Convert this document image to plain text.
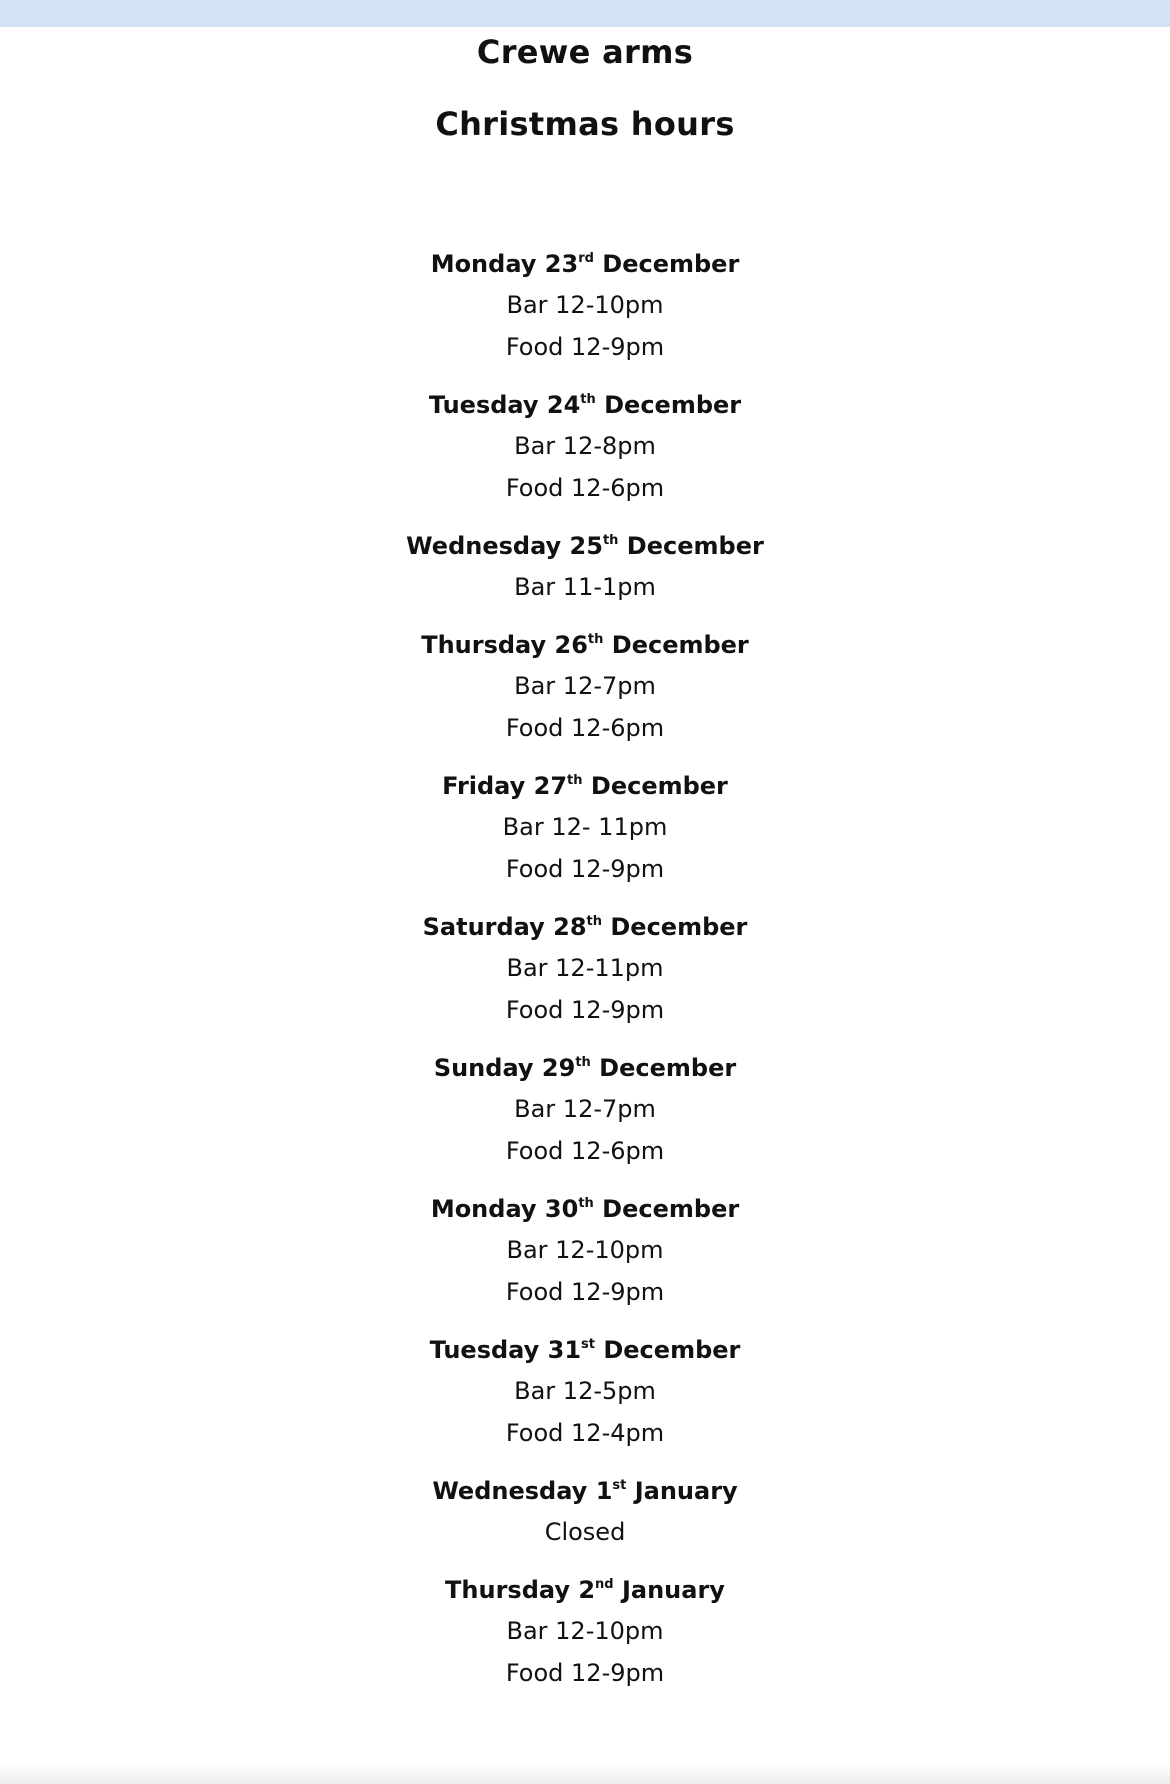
Crewe arms
Christmas hours
Monday 23rd December
Bar 12-10pm
Food 12-9pm
Tuesday 24th December
Bar 12-8pm
Food 12-6pm
Wednesday 25th December
Bar 11-1pm
Thursday 26th December
Bar 12-7pm
Food 12-6pm
Friday 27th December
Bar 12- 11pm
Food 12-9pm
Saturday 28th December
Bar 12-11pm
Food 12-9pm
Sunday 29th December
Bar 12-7pm
Food 12-6pm
Monday 30th December
Bar 12-10pm
Food 12-9pm
Tuesday 31st December
Bar 12-5pm
Food 12-4pm
Wednesday 1st January
Closed
Thursday 2nd January
Bar 12-10pm
Food 12-9pm
